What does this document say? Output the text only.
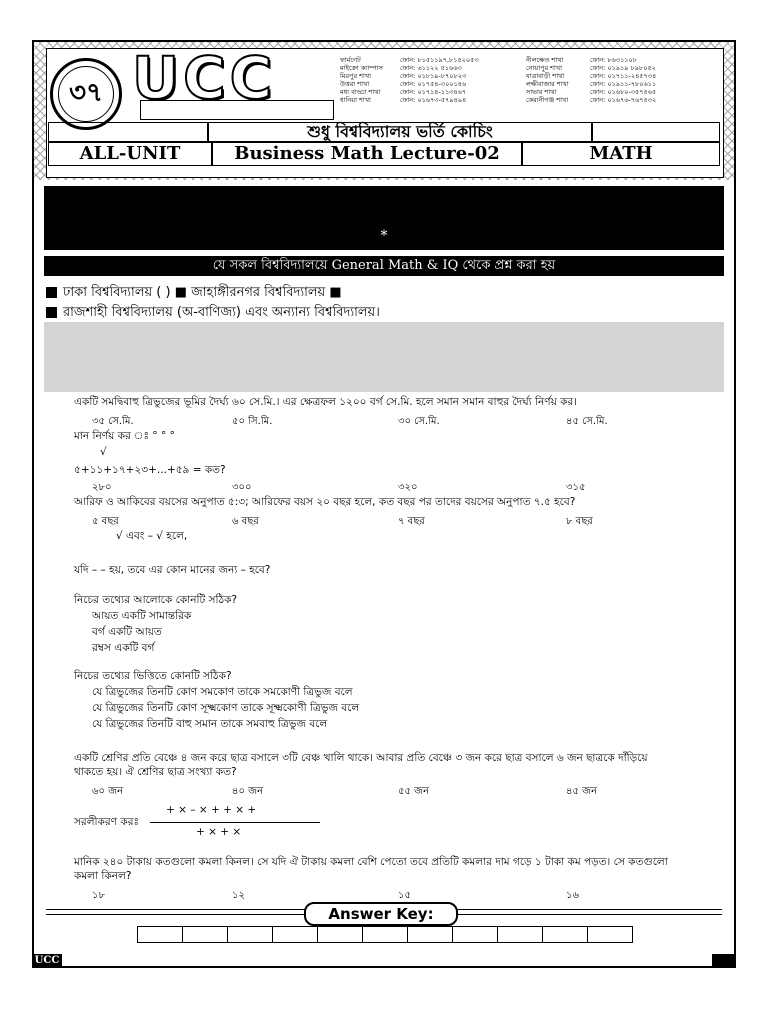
৩৭ UCC	ফার্মগেট	ফোন: ৮১৫১১৯৭,৮১৫২০৫৩	নীলক্ষেত শাখা	ফোন: ৮৬৩১১০৮
মাইক্রো ক্যাম্পাস	ফোন: ৬১১২২ ৫১৬৬৩	নোয়াপুর শাখা	ফোন: ০১৯১৯ ৮৯৮০৫২
মিরপুর শাখা	ফোন: ০১৮১৯-৮৭০৮২৩	যাত্রাবাড়ী শাখা	ফোন: ০১৭১১-২৪৫৭৩৪
উত্তরা শাখা	ফোন: ০১৭৫৪-৩০০১৪৬	লক্ষীবাজার শাখা	ফোন: ০১৯১১-৭৮০৬১১
মধ্য বাড্ডা শাখা	ফোন: ০১৭১৪-১১৩৪৬৭	সাভার শাখা	ফোন: ০১৬৮০-৩৫৭৫৬৫
ধানিয়া শাখা	ফোন: ০১৬৭৩-৫৭৯৪৯৪	কেরানীগঞ্জ শাখা	ফোন: ০১৬৭৬-৭৬৭৫৩২
শুধু বিশ্ববিদ্যালয় ভর্তি কোচিং
ALL-UNIT	Business Math Lecture-02	MATH
*
যে সকল বিশ্ববিদ্যালয়ে General Math & IQ থেকে প্রশ্ন করা হয়
ঢাকা বিশ্ববিদ্যালয় ( ) ■ জাহাঙ্গীরনগর বিশ্ববিদ্যালয় ■
রাজশাহী বিশ্ববিদ্যালয় (অ-বাণিজ্য) এবং অন্যান্য বিশ্ববিদ্যালয়।
একটি সমদ্বিবাহু ত্রিভুজের ভূমির দৈর্ঘ্য ৬০ সে.মি.। এর ক্ষেত্রফল ১২০০ বর্গ সে.মি. হলে সমান সমান বাহুর দৈর্ঘ্য নির্ণয় কর।
৩৫ সে.মি.	৫০ সি.মি.	৩০ সে.মি.	৪৫ সে.মি.
মান নির্ণয় কর ঃ ° ° °
√
৫+১১+১৭+২৩+...+৫৯ = কত?
২৮০	৩০০	৩২০	৩১৫
আরিফ ও আকিবের বয়সের অনুপাত ৫:৩; আরিফের বয়স ২০ বছর হলে, কত বছর পর তাদের বয়সের অনুপাত ৭.৫ হবে?
৫ বছর	৬ বছর	৭ বছর	৮ বছর
√ এবং – √ হলে,
যদি – – হয়, তবে এর কোন মানের জন্য – হবে?
নিচের তথ্যের আলোকে কোনটি সঠিক?
আয়ত একটি সামান্তরিক
বর্গ একটি আয়ত
রম্বস একটি বর্গ
নিচের তথ্যের ভিত্তিতে কোনটি সঠিক?
যে ত্রিভুজের তিনটি কোণ সমকোণ তাকে সমকোণী ত্রিভুজ বলে
যে ত্রিভুজের তিনটি কোণ সূক্ষ্মকোণ তাকে সূক্ষ্মকোণী ত্রিভুজ বলে
যে ত্রিভুজের তিনটি বাহু সমান তাকে সমবাহু ত্রিভুজ বলে
একটি শ্রেণির প্রতি বেঞ্চে ৪ জন করে ছাত্র বসালে ৩টি বেঞ্চ খালি থাকে। আবার প্রতি বেঞ্চে ৩ জন করে ছাত্র বসালে ৬ জন ছাত্রকে দাঁড়িয়ে
থাকতে হয়। ঐ শ্রেণির ছাত্র সংখ্যা কত?
৬০ জন	৪০ জন	৫৫ জন	৪৫ জন
সরলীকরণ করঃ
+ × – × + + × +
+ × + ×
মানিক ২৪০ টাকায় কতগুলো কমলা কিনল। সে যদি ঐ টাকায় কমলা বেশি পেতো তবে প্রতিটি কমলার দাম গড়ে ১ টাকা কম পড়ত। সে কতগুলো
কমলা কিনল?
১৮	১২	১৫	১৬
Answer Key:
UCC
